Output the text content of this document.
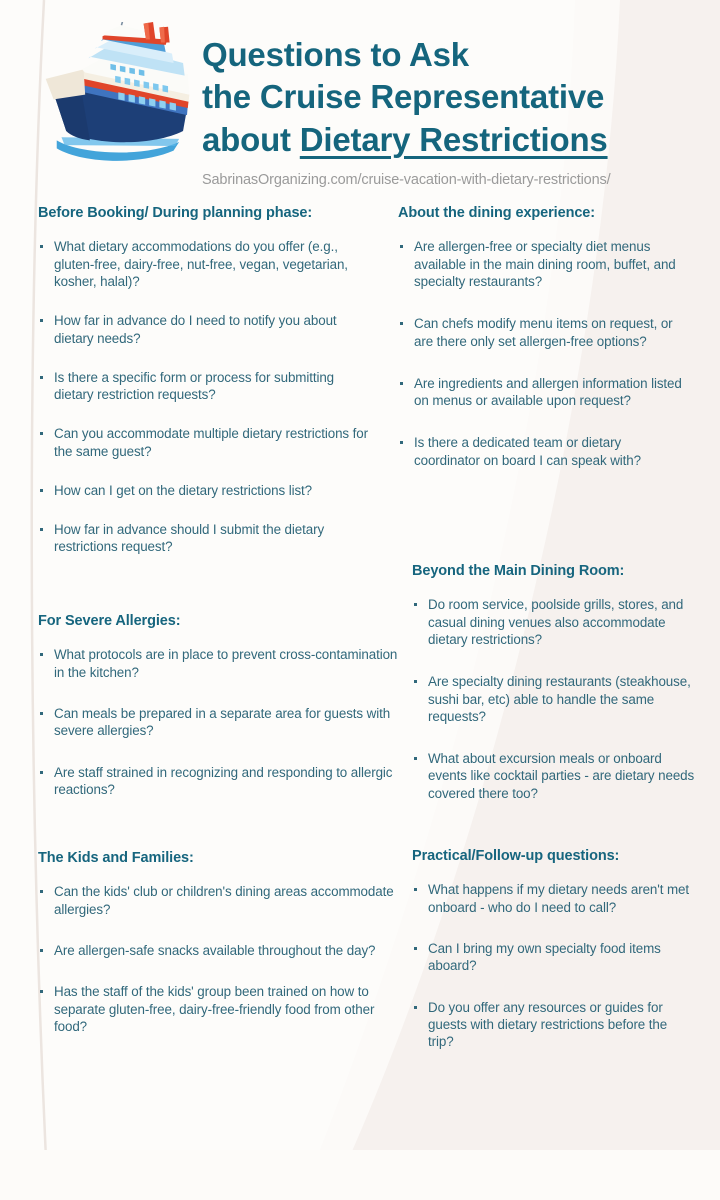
Questions to Ask
the Cruise Representative
about Dietary Restrictions
SabrinasOrganizing.com/cruise-vacation-with-dietary-restrictions/
Before Booking/ During planning phase:
What dietary accommodations do you offer (e.g., gluten-free, dairy-free, nut-free, vegan, vegetarian, kosher, halal)?
How far in advance do I need to notify you about dietary needs?
Is there a specific form or process for submitting dietary restriction requests?
Can you accommodate multiple dietary restrictions for the same guest?
How can I get on the dietary restrictions list?
How far in advance should I submit the dietary restrictions request?
For Severe Allergies:
What protocols are in place to prevent cross-contamination in the kitchen?
Can meals be prepared in a separate area for guests with severe allergies?
Are staff strained in recognizing and responding to allergic reactions?
The Kids and Families:
Can the kids' club or children's dining areas accommodate allergies?
Are allergen-safe snacks available throughout the day?
Has the staff of the kids' group been trained on how to separate gluten-free, dairy-free-friendly food from other food?
About the dining experience:
Are allergen-free or specialty diet menus available in the main dining room, buffet, and specialty restaurants?
Can chefs modify menu items on request, or are there only set allergen-free options?
Are ingredients and allergen information listed on menus or available upon request?
Is there a dedicated team or dietary coordinator on board I can speak with?
Beyond the Main Dining Room:
Do room service, poolside grills, stores, and casual dining venues also accommodate dietary restrictions?
Are specialty dining restaurants (steakhouse, sushi bar, etc) able to handle the same requests?
What about excursion meals or onboard events like cocktail parties - are dietary needs covered there too?
Practical/Follow-up questions:
What happens if my dietary needs aren't met onboard - who do I need to call?
Can I bring my own specialty food items aboard?
Do you offer any resources or guides for guests with dietary restrictions before the trip?
